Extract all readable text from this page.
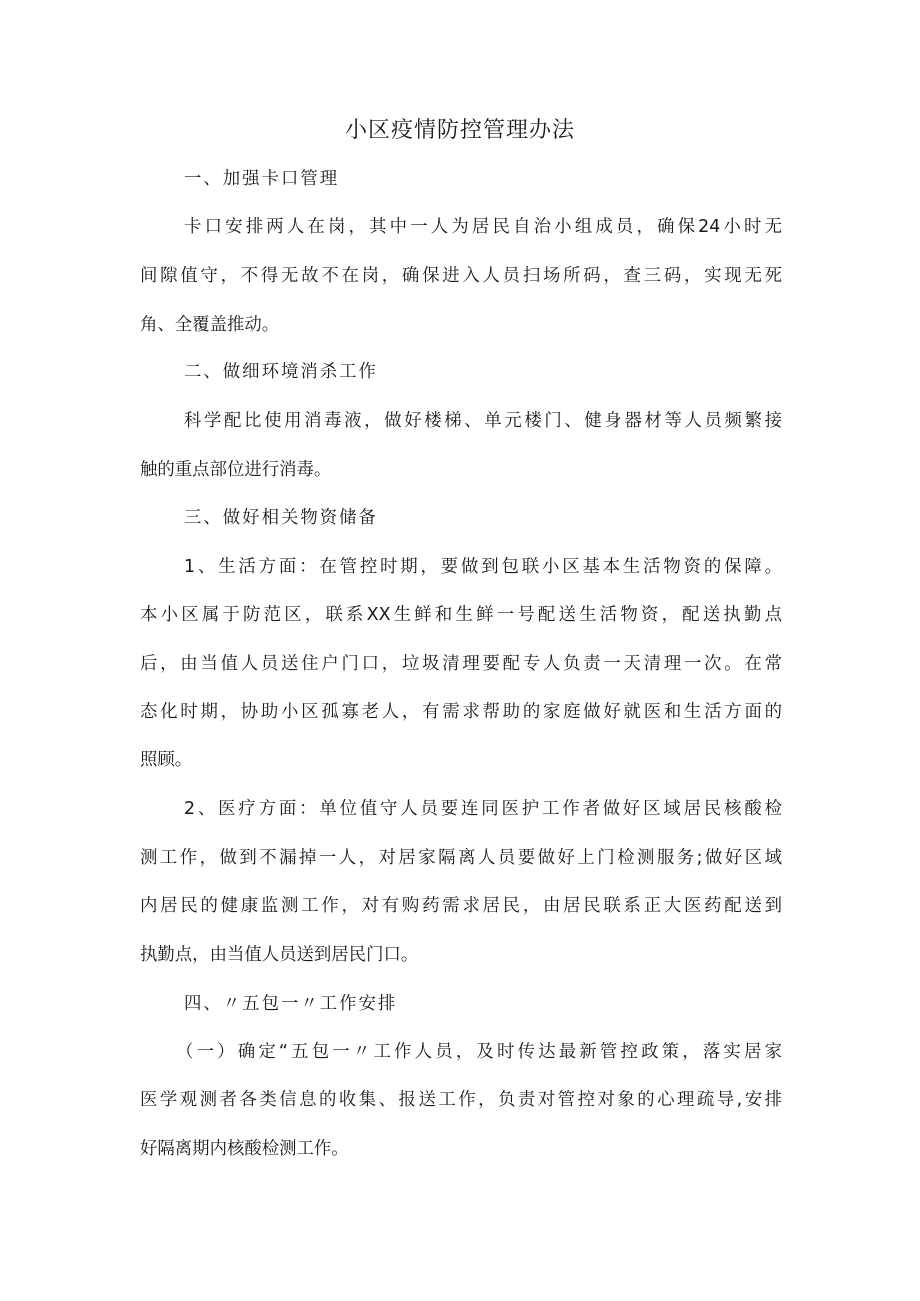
小区疫情防控管理办法
一、加强卡口管理
卡口安排两人在岗，其中一人为居民自治小组成员，确保24小时无
间隙值守，不得无故不在岗，确保进入人员扫场所码，查三码，实现无死
角、全覆盖推动。
二、做细环境消杀工作
科学配比使用消毒液，做好楼梯、单元楼门、健身器材等人员频繁接
触的重点部位进行消毒。
三、做好相关物资储备
1、生活方面：在管控时期，要做到包联小区基本生活物资的保障。
本小区属于防范区，联系XX生鲜和生鲜一号配送生活物资，配送执勤点
后，由当值人员送住户门口，垃圾清理要配专人负责一天清理一次。在常
态化时期，协助小区孤寡老人，有需求帮助的家庭做好就医和生活方面的
照顾。
2、医疗方面：单位值守人员要连同医护工作者做好区域居民核酸检
测工作，做到不漏掉一人，对居家隔离人员要做好上门检测服务;做好区域
内居民的健康监测工作，对有购药需求居民，由居民联系正大医药配送到
执勤点，由当值人员送到居民门口。
四、〃五包一〃工作安排
（一）确定“五包一〃工作人员，及时传达最新管控政策，落实居家
医学观测者各类信息的收集、报送工作，负责对管控对象的心理疏导,安排
好隔离期内核酸检测工作。
